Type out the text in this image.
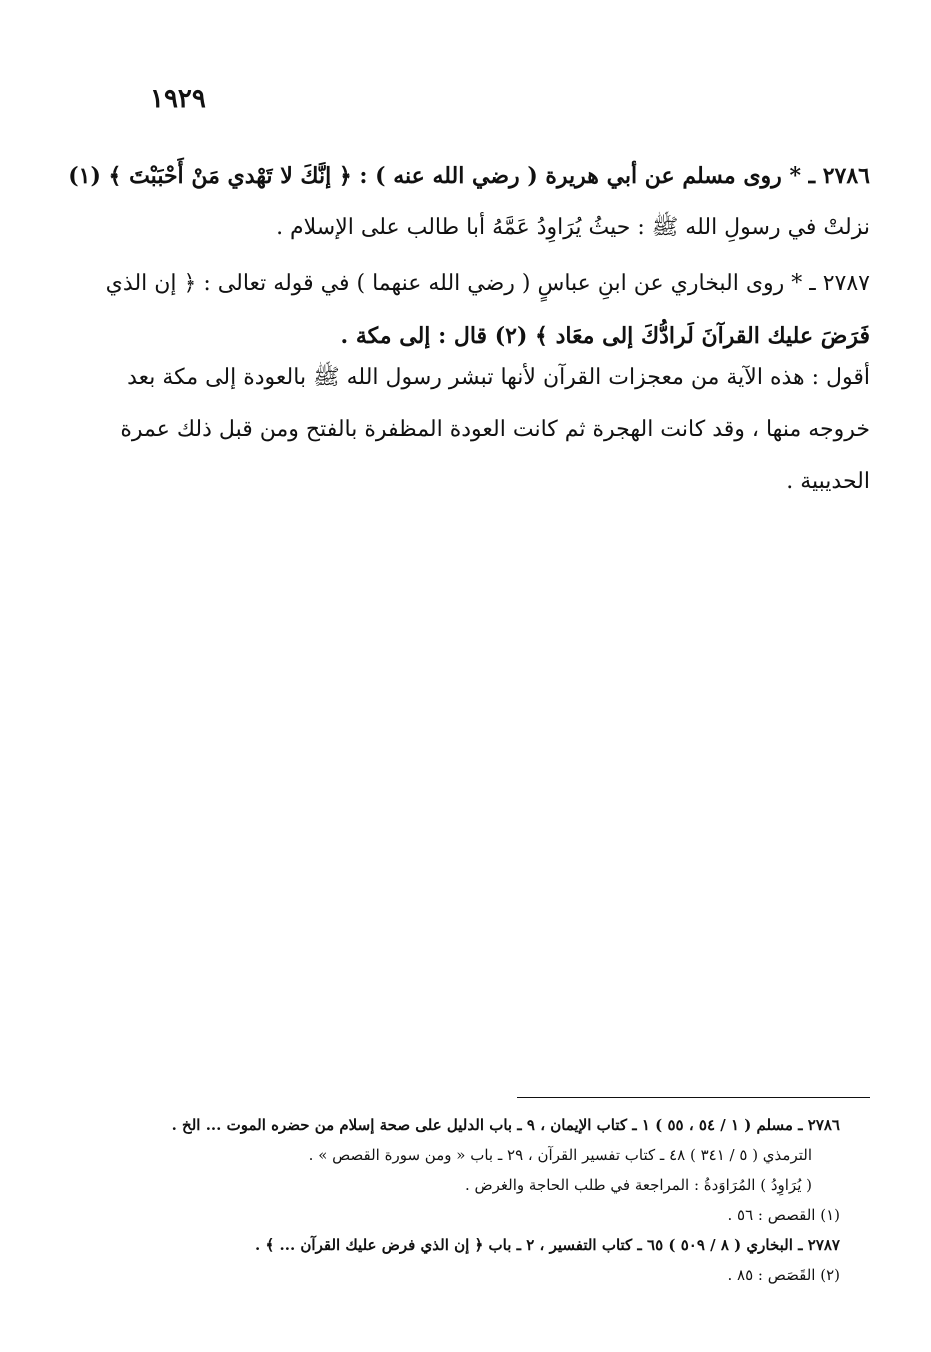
١٩٢٩
٢٧٨٦ ـ * روى مسلم عن أبي هريرة ( رضي الله عنه ) : ﴿ إنَّكَ لا تَهْدي مَنْ أَحْبَبْتَ ﴾ (١)
نزلتْ في رسولِ الله ﷺ : حيثُ يُرَاوِدُ عَمَّهُ أبا طالب على الإسلام .
٢٧٨٧ ـ * روى البخاري عن ابنِ عباسٍ ( رضي الله عنهما ) في قوله تعالى : ﴿ إن الذي
فَرَضَ عليك القرآنَ لَرادُّكَ إلى معَاد ﴾ (٢) قال : إلى مكة .
أقول : هذه الآية من معجزات القرآن لأنها تبشر رسول الله ﷺ بالعودة إلى مكة بعد
خروجه منها ، وقد كانت الهجرة ثم كانت العودة المظفرة بالفتح ومن قبل ذلك عمرة
الحديبية .
٢٧٨٦ ـ مسلم ( ١ / ٥٤ ، ٥٥ ) ١ ـ كتاب الإيمان ، ٩ ـ باب الدليل على صحة إسلام من حضره الموت ... الخ .
الترمذي ( ٥ / ٣٤١ ) ٤٨ ـ كتاب تفسير القرآن ، ٢٩ ـ باب « ومن سورة القصص » .
( يُرَاوِدُ ) المُرَاوَدةُ : المراجعة في طلب الحاجة والغرض .
(١) القصص : ٥٦ .
٢٧٨٧ ـ البخاري ( ٨ / ٥٠٩ ) ٦٥ ـ كتاب التفسير ، ٢ ـ باب ﴿ إن الذي فرض عليك القرآن ... ﴾ .
(٢) القَصَص : ٨٥ .
